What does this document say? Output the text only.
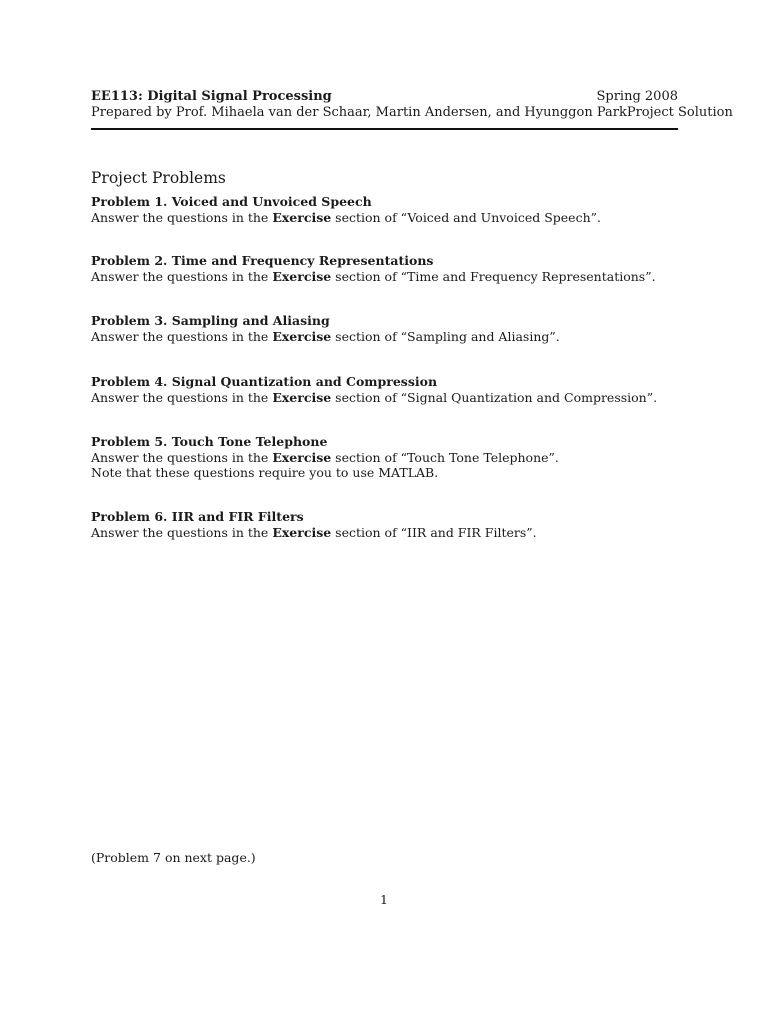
EE113: Digital Signal Processing	Spring 2008
Prepared by Prof. Mihaela van der Schaar, Martin Andersen, and Hyunggon Park Project Solution
Project Problems
Problem 1. Voiced and Unvoiced Speech
Answer the questions in the Exercise section of “Voiced and Unvoiced Speech”.
Problem 2. Time and Frequency Representations
Answer the questions in the Exercise section of “Time and Frequency Representations”.
Problem 3. Sampling and Aliasing
Answer the questions in the Exercise section of “Sampling and Aliasing”.
Problem 4. Signal Quantization and Compression
Answer the questions in the Exercise section of “Signal Quantization and Compression”.
Problem 5. Touch Tone Telephone
Answer the questions in the Exercise section of “Touch Tone Telephone”.
Note that these questions require you to use MATLAB.
Problem 6. IIR and FIR Filters
Answer the questions in the Exercise section of “IIR and FIR Filters”.
(Problem 7 on next page.)
1
